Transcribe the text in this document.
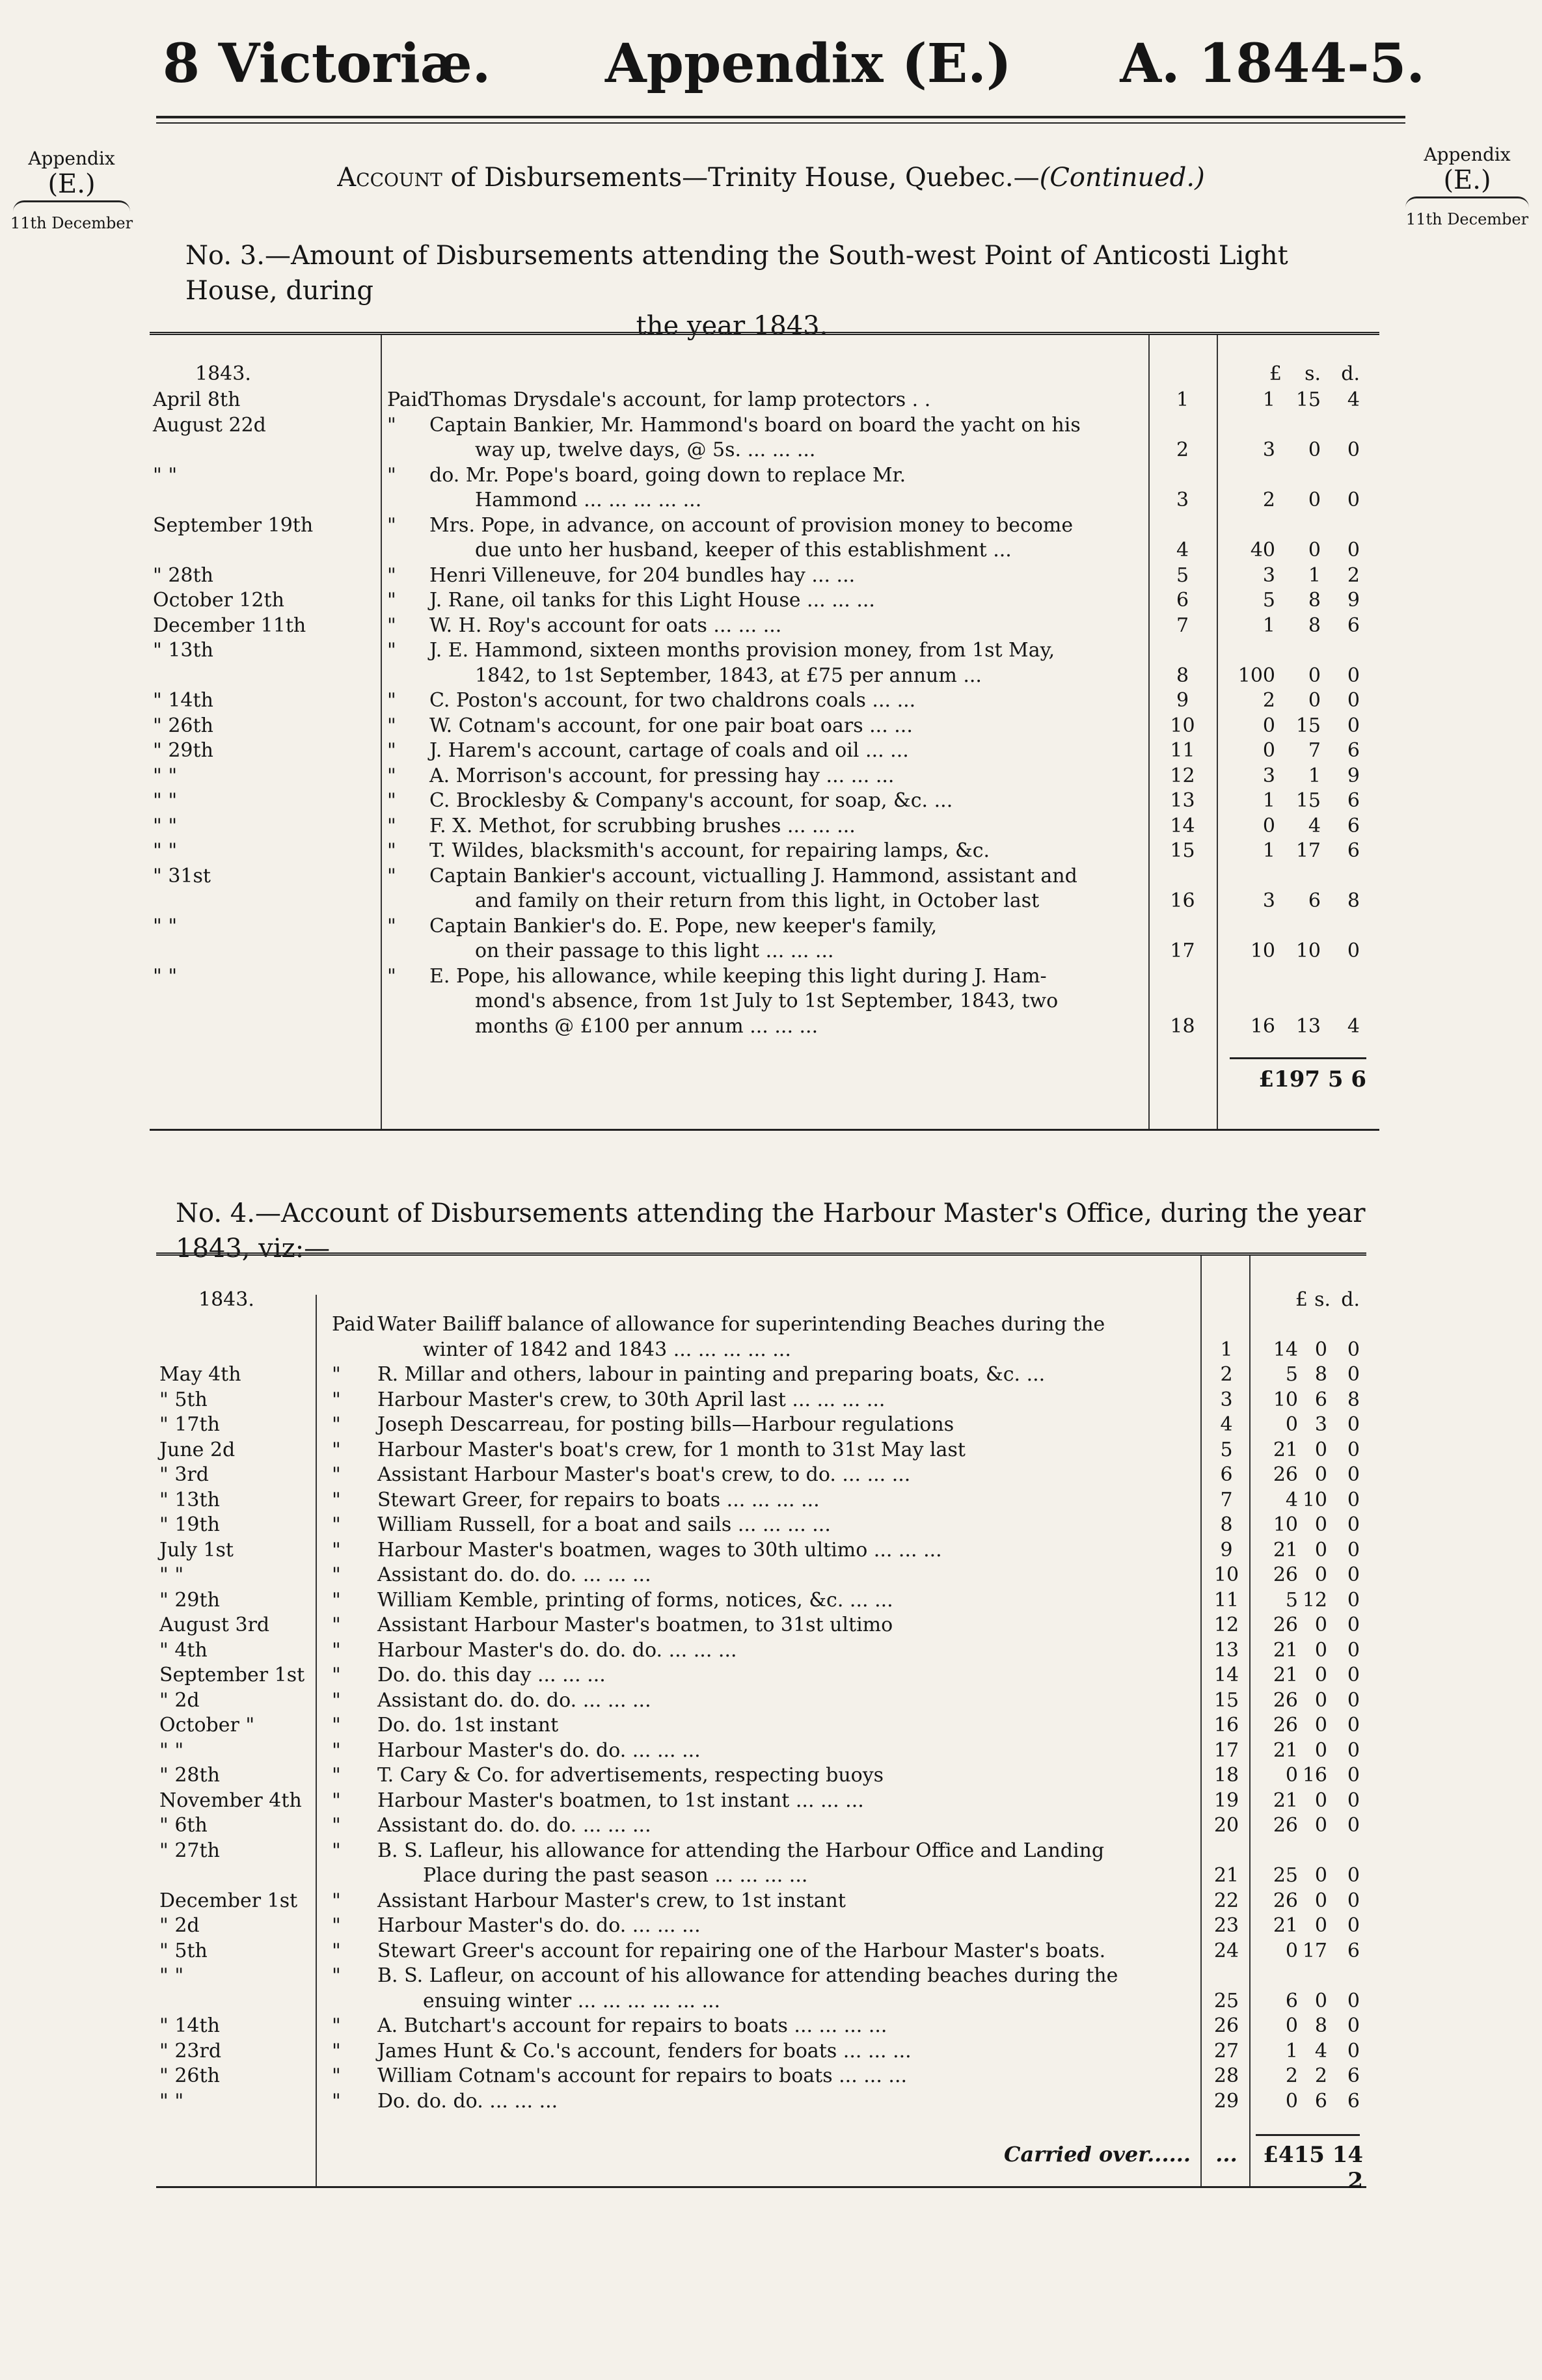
8 Victoriæ. Appendix (E.) A. 1844-5.
Appendix
(E.)
11th December
Appendix
(E.)
11th December
Account of Disbursements—Trinity House, Quebec.—(Continued.)
No. 3.—Amount of Disbursements attending the South-west Point of Anticosti Light House, during
the year 1843.
1843.	£	s.	d.
April 8th	Paid Thomas Drysdale's account, for lamp protectors . .	1	1	15	4
August 22d	" Captain Bankier, Mr. Hammond's board on board the yacht on his
way up, twelve days, @ 5s. ... ... ...	2	3	0	0
" "	" do. Mr. Pope's board, going down to replace Mr.
Hammond ... ... ... ... ...	3	2	0	0
September 19th	" Mrs. Pope, in advance, on account of provision money to become
due unto her husband, keeper of this establishment ...	4	40	0	0
" 28th	" Henri Villeneuve, for 204 bundles hay ... ...	5	3	1	2
October 12th	" J. Rane, oil tanks for this Light House ... ... ...	6	5	8	9
December 11th	" W. H. Roy's account for oats ... ... ...	7	1	8	6
" 13th	" J. E. Hammond, sixteen months provision money, from 1st May,
1842, to 1st September, 1843, at £75 per annum ...	8	100	0	0
" 14th	" C. Poston's account, for two chaldrons coals ... ...	9	2	0	0
" 26th	" W. Cotnam's account, for one pair boat oars ... ...	10	0	15	0
" 29th	" J. Harem's account, cartage of coals and oil ... ...	11	0	7	6
" "	" A. Morrison's account, for pressing hay ... ... ...	12	3	1	9
" "	" C. Brocklesby & Company's account, for soap, &c. ...	13	1	15	6
" "	" F. X. Methot, for scrubbing brushes ... ... ...	14	0	4	6
" "	" T. Wildes, blacksmith's account, for repairing lamps, &c.	15	1	17	6
" 31st	" Captain Bankier's account, victualling J. Hammond, assistant and
and family on their return from this light, in October last	16	3	6	8
" "	" Captain Bankier's do. E. Pope, new keeper's family,
on their passage to this light ... ... ...	17	10	10	0
" "	" E. Pope, his allowance, while keeping this light during J. Ham-
mond's absence, from 1st July to 1st September, 1843, two
months @ £100 per annum ... ... ...	18	16	13	4
£197 5 6
No. 4.—Account of Disbursements attending the Harbour Master's Office, during the year 1843, viz:—
1843.	£ s. d.
Paid Water Bailiff balance of allowance for superintending Beaches during the
winter of 1842 and 1843 ... ... ... ... ...	1	14 0	0
May 4th	" R. Millar and others, labour in painting and preparing boats, &c. ...	2	5 8	0
" 5th	" Harbour Master's crew, to 30th April last ... ... ... ...	3	10 6	8
" 17th	" Joseph Descarreau, for posting bills—Harbour regulations	4	0 3	0
June 2d	" Harbour Master's boat's crew, for 1 month to 31st May last	5	21 0	0
" 3rd	" Assistant Harbour Master's boat's crew, to do. ... ... ...	6	26 0	0
" 13th	" Stewart Greer, for repairs to boats ... ... ... ...	7	4 10	0
" 19th	" William Russell, for a boat and sails ... ... ... ...	8	10 0	0
July 1st	" Harbour Master's boatmen, wages to 30th ultimo ... ... ...	9	21 0	0
" "	" Assistant do. do. do. ... ... ...	10	26 0	0
" 29th	" William Kemble, printing of forms, notices, &c. ... ...	11	5 12	0
August 3rd	" Assistant Harbour Master's boatmen, to 31st ultimo	12	26 0	0
" 4th	" Harbour Master's do. do. do. ... ... ...	13	21 0	0
September 1st	" Do. do. this day ... ... ...	14	21 0	0
" 2d	" Assistant do. do. do. ... ... ...	15	26 0	0
October "	" Do. do. 1st instant	16	26 0	0
" "	" Harbour Master's do. do. ... ... ...	17	21 0	0
" 28th	" T. Cary & Co. for advertisements, respecting buoys	18	0 16	0
November 4th	" Harbour Master's boatmen, to 1st instant ... ... ...	19	21 0	0
" 6th	" Assistant do. do. do. ... ... ...	20	26 0	0
" 27th	" B. S. Lafleur, his allowance for attending the Harbour Office and Landing
Place during the past season ... ... ... ...	21	25 0	0
December 1st	" Assistant Harbour Master's crew, to 1st instant	22	26 0	0
" 2d	" Harbour Master's do. do. ... ... ...	23	21 0	0
" 5th	" Stewart Greer's account for repairing one of the Harbour Master's boats.	24	0 17	6
" "	" B. S. Lafleur, on account of his allowance for attending beaches during the
ensuing winter ... ... ... ... ... ...	25	6 0	0
" 14th	" A. Butchart's account for repairs to boats ... ... ... ...	26	0 8	0
" 23rd	" James Hunt & Co.'s account, fenders for boats ... ... ...	27	1 4	0
" 26th	" William Cotnam's account for repairs to boats ... ... ...	28	2 2	6
" "	" Do. do. do. ... ... ...	29	0 6	6
Carried over......	...	£415 14 2
